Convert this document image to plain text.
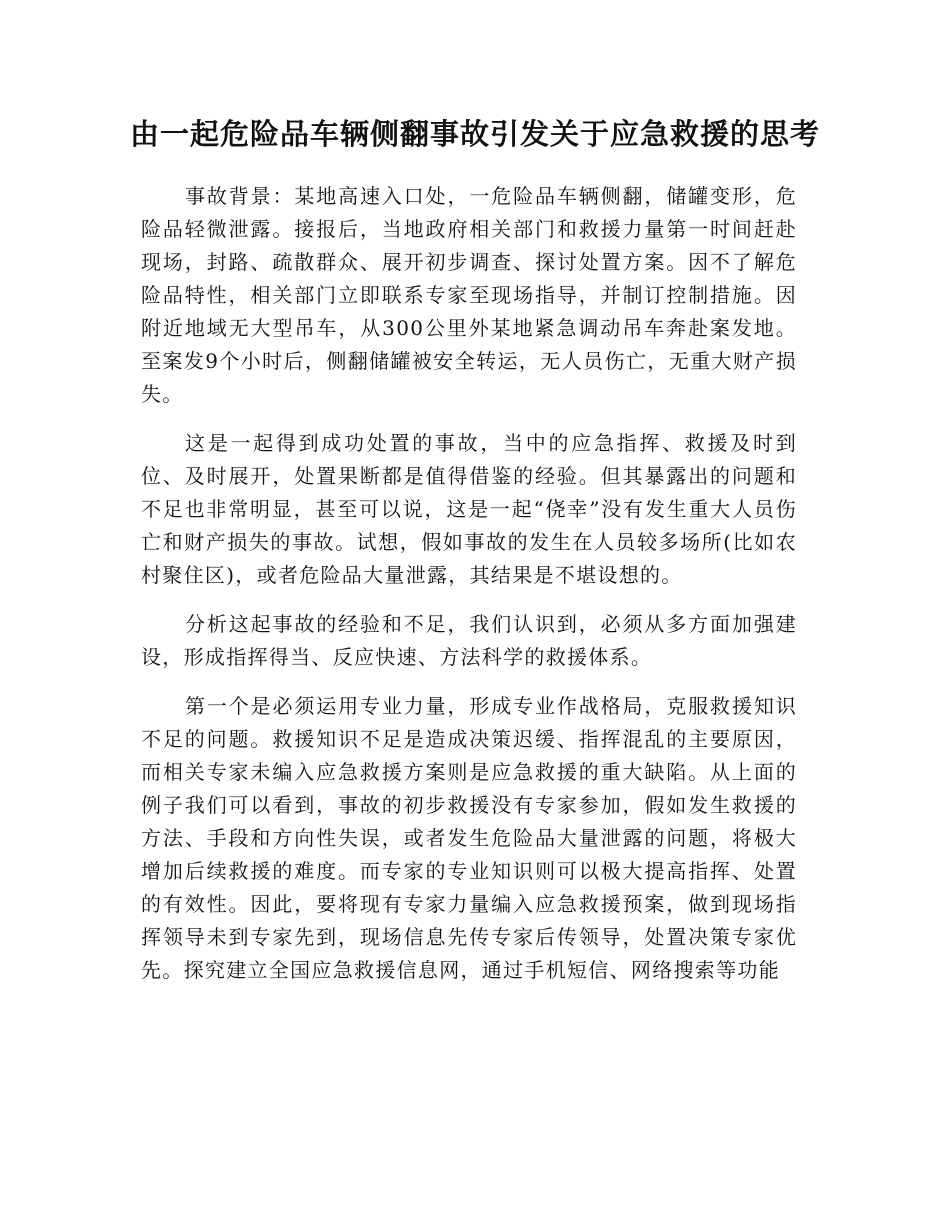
由一起危险品车辆侧翻事故引发关于应急救援的思考

事故背景：某地高速入口处，一危险品车辆侧翻，储罐变形，危险品轻微泄露。接报后，当地政府相关部门和救援力量第一时间赶赴现场，封路、疏散群众、展开初步调查、探讨处置方案。因不了解危险品特性，相关部门立即联系专家至现场指导，并制订控制措施。因附近地域无大型吊车，从300公里外某地紧急调动吊车奔赴案发地。至案发9个小时后，侧翻储罐被安全转运，无人员伤亡，无重大财产损失。

这是一起得到成功处置的事故，当中的应急指挥、救援及时到位、及时展开，处置果断都是值得借鉴的经验。但其暴露出的问题和不足也非常明显，甚至可以说，这是一起“侥幸”没有发生重大人员伤亡和财产损失的事故。试想，假如事故的发生在人员较多场所(比如农村聚住区)，或者危险品大量泄露，其结果是不堪设想的。

分析这起事故的经验和不足，我们认识到，必须从多方面加强建设，形成指挥得当、反应快速、方法科学的救援体系。

第一个是必须运用专业力量，形成专业作战格局，克服救援知识不足的问题。救援知识不足是造成决策迟缓、指挥混乱的主要原因，而相关专家未编入应急救援方案则是应急救援的重大缺陷。从上面的例子我们可以看到，事故的初步救援没有专家参加，假如发生救援的方法、手段和方向性失误，或者发生危险品大量泄露的问题，将极大增加后续救援的难度。而专家的专业知识则可以极大提高指挥、处置的有效性。因此，要将现有专家力量编入应急救援预案，做到现场指挥领导未到专家先到，现场信息先传专家后传领导，处置决策专家优先。探究建立全国应急救援信息网，通过手机短信、网络搜索等功能
